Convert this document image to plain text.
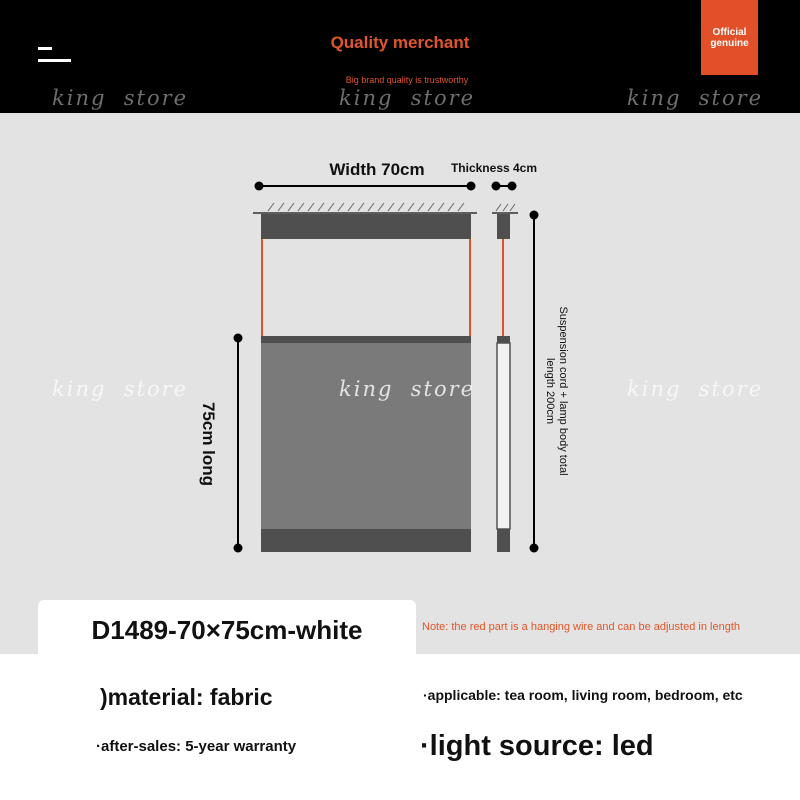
Quality merchant
Big brand quality is trustworthy
Official
genuine
king  store	king  store	king  store
Width 70cm Thickness 4cm
75cm long	Suspension cord + lamp body total
length 200cm
king  store	king  store	king  store
D1489-70×75cm-white	Note: the red part is a hanging wire and can be adjusted in length
)material: fabric	·applicable: tea room, living room, bedroom, etc
·after-sales: 5-year warranty	·light source: led
